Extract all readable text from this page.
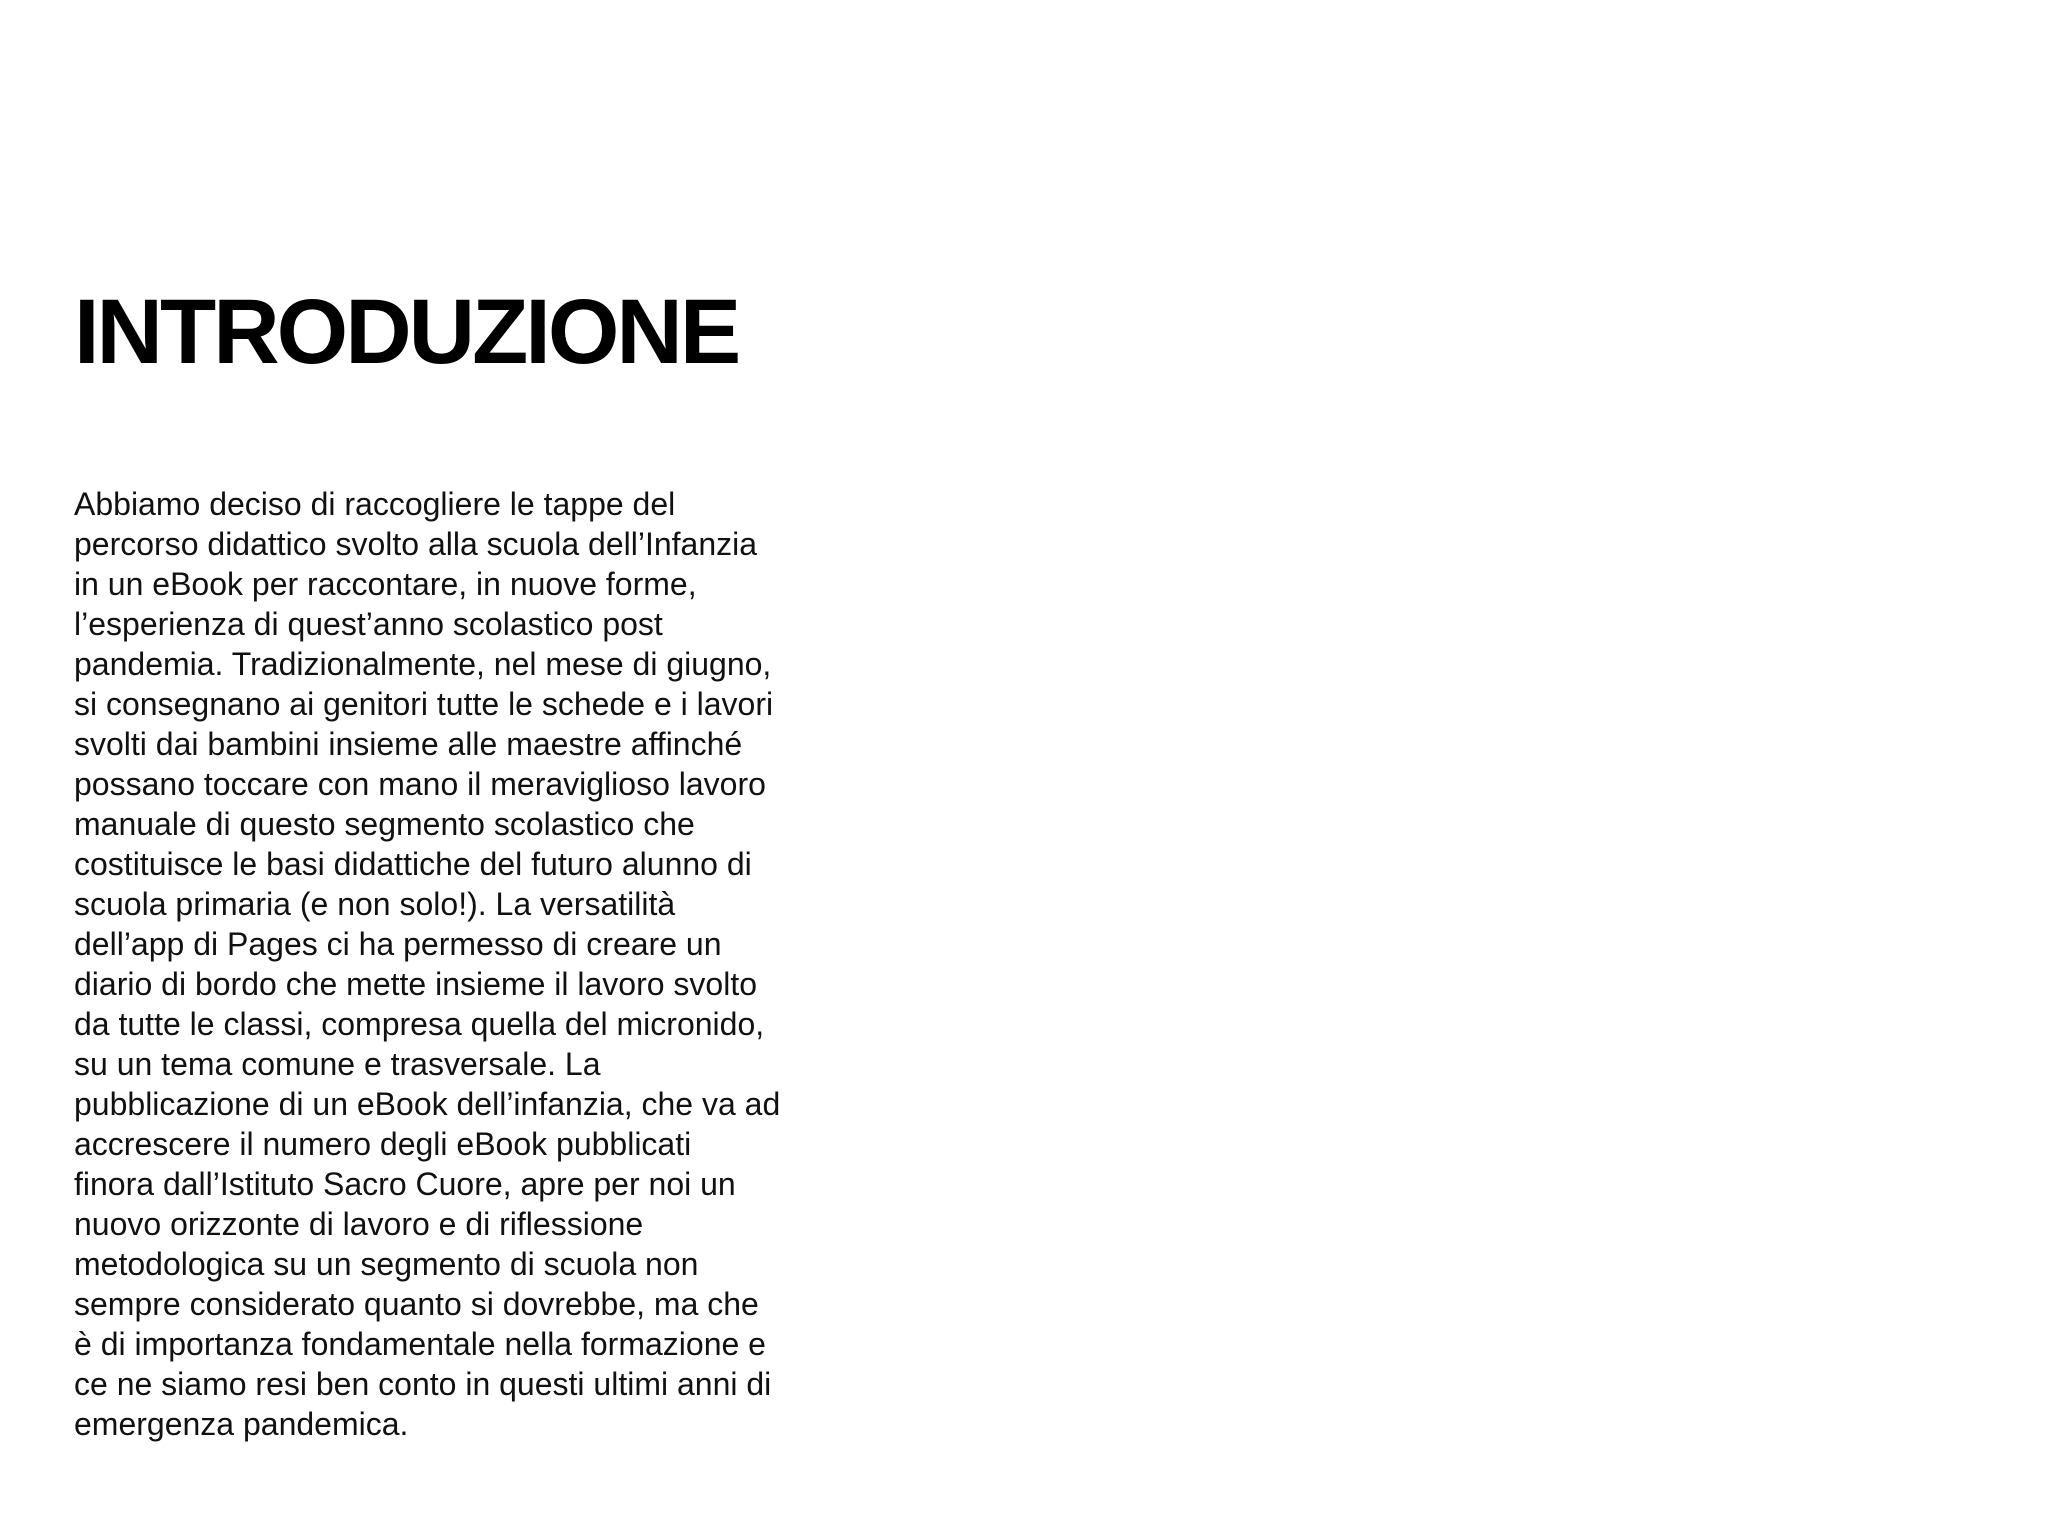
INTRODUZIONE
Abbiamo deciso di raccogliere le tappe del
percorso didattico svolto alla scuola dell’Infanzia
in un eBook per raccontare, in nuove forme,
l’esperienza di quest’anno scolastico post
pandemia. Tradizionalmente, nel mese di giugno,
si consegnano ai genitori tutte le schede e i lavori
svolti dai bambini insieme alle maestre affinché
possano toccare con mano il meraviglioso lavoro
manuale di questo segmento scolastico che
costituisce le basi didattiche del futuro alunno di
scuola primaria (e non solo!). La versatilità
dell’app di Pages ci ha permesso di creare un
diario di bordo che mette insieme il lavoro svolto
da tutte le classi, compresa quella del micronido,
su un tema comune e trasversale. La
pubblicazione di un eBook dell’infanzia, che va ad
accrescere il numero degli eBook pubblicati
finora dall’Istituto Sacro Cuore, apre per noi un
nuovo orizzonte di lavoro e di riflessione
metodologica su un segmento di scuola non
sempre considerato quanto si dovrebbe, ma che
è di importanza fondamentale nella formazione e
ce ne siamo resi ben conto in questi ultimi anni di
emergenza pandemica.
